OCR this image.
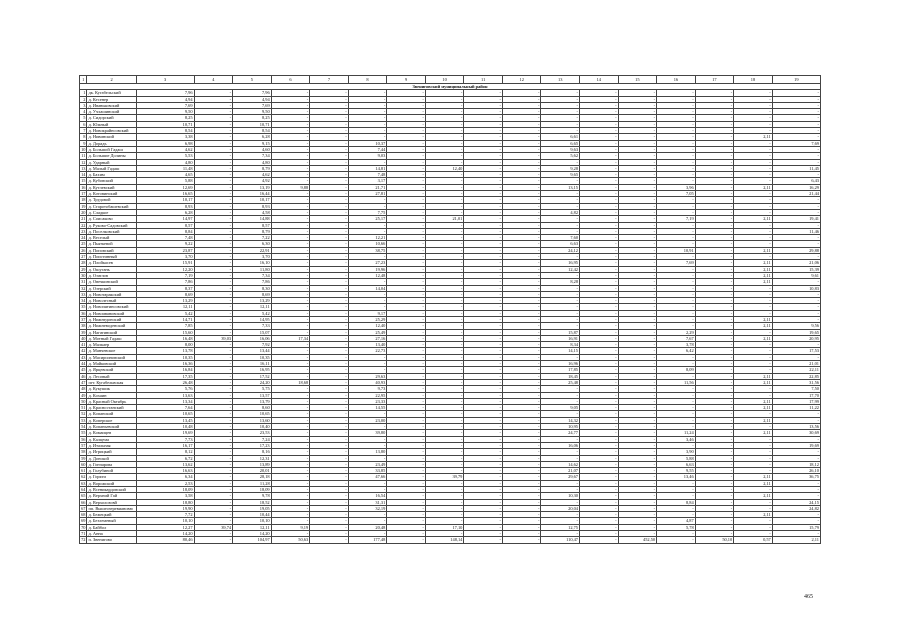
1	2	3	4	5	6	7	8	9	10	11	12	13	14	15	16	17	18	19
Звениговский муниципальный район																		
1	дк. Кугабельский	7,96	-	7,96	-	-	-	-	-	-	-	-	-	-	-	-	-	-
2	д. Кесенер	4,94	-	4,94	-	-	-	-	-	-	-	-	-	-	-	-	-	-
3	д. Иваньковский	7,69	-	7,69	-	-	-	-	-	-	-	-	-	-	-	-	-	-
4	д. Учхашинский	9,50	-	9,50	-	-	-	-	-	-	-	-	-	-	-	-	-	-
5	д. Сидорский	8,25	-	8,25	-	-	-	-	-	-	-	-	-	-	-	-	-	-
6	д. Южный	10,71	-	10,71	-	-	-	-	-	-	-	-	-	-	-	-	-	-
7	д. Новокрайнсовский	8,54	-	8,54	-	-	-	-	-	-	-	-	-	-	-	-	-	-
8	д. Нивинский	3,38	-	6,28	-	-	-	-	-	-	-	6,61	-	-	-	-	2,11	-
9	д. Дорадь	6,98	-	9,15	-	-	10,37	-	-	-	-	6,65	-	-	-	-	-	7,69
10	д. Большой Гадаш	4,62	-	4,60	-	-	7,44	-	-	-	-	9,63	-	-	-	-	-	-
11	д. Большие Долины	5,53	-	7,34	-	-	9,03	-	-	-	-	5,62	-	-	-	-	-	-
12	д. Ударный	4,80	-	4,80	-	-	-	-	-	-	-	-	-	-	-	-	-	-
13	д. Малый Гадаш	11,48	-	8,79	-	-	14,81	-	12,40	-	-	9,28	-	-	-	-	-	11,45
14	д. Бахим	4,65	-	4,62	-	-	7,48	-	-	-	-	9,65	-	-	-	-	-	-
15	д. Кубовский	5,88	-	4,92	-	-	3,17	-	-	-	-	-	-	-	-	-	-	6,43
16	д. Кутлевский	12,69	-	13,19	9,88	-	21,71	-	-	-	-	13,15	-	-	3,96	-	2,11	16,29
17	д. Котовинский	16,65	-	16,44	-	-	27,81	-	-	-	-	-	-	-	7,05	-	-	21,44
18	д. Трудовой	10,17	-	10,17	-	-	-	-	-	-	-	-	-	-	-	-	-	-
19	д. Старотобашевский	8,93	-	8,93	-	-	-	-	-	-	-	-	-	-	-	-	-	-
20	д. Сладкое	6,28	-	4,58	-	-	7,75	-	-	-	-	4,82	-	-	-	-	-	-
21	д. Соисаково	14,97	-	14,88	-	-	25,17	-	21,01	-	-	-	-	-	7,19	-	2,11	19,41
22	д. Руково-Садовский	8,57	-	8,57	-	-	-	-	-	-	-	-	-	-	-	-	-	-
23	д. Поселковский	8,84	-	8,79	-	-	-	-	-	-	-	-	-	-	-	-	-	11,46
24	д. Веселый	7,48	-	7,22	-	-	12,21	-	-	-	-	7,60	-	-	-	-	-	-
25	д. Пьяткевой	9,22	-	6,30	-	-	10,66	-	-	-	-	6,63	-	-	-	-	-	-
26	д. Поповский	23,87	-	22,91	-	-	38,75	-	-	-	-	24,12	-	-	10,91	-	2,11	29,88
27	д. Поистинный	3,70	-	3,70	-	-	-	-	-	-	-	-	-	-	-	-	-	-
28	д. Плойкасев	15,91	-	16,10	-	-	27,23	-	-	-	-	16,95	-	-	7,69	-	2,11	21,06
29	д. Ошугань	12,20	-	11,80	-	-	19,96	-	-	-	-	12,42	-	-	-	-	2,11	15,39
30	д. Озатлов	7,19	-	7,34	-	-	12,48	-	-	-	-	-	-	-	-	-	2,11	9,61
31	д. Овечкинский	7,86	-	7,86	-	-	-	-	-	-	-	8,28	-	-	-	-	2,11	-
32	д. Озерский	8,37	-	8,30	-	-	14,04	-	-	-	-	-	-	-	-	-	-	10,83
33	д. Новотаракский	8,69	-	8,69	-	-	-	-	-	-	-	-	-	-	-	-	-	-
34	д. Новолесный	13,29	-	13,29	-	-	-	-	-	-	-	-	-	-	-	-	-	-
35	д. Новопятинсовский	12,11	-	12,11	-	-	-	-	-	-	-	-	-	-	-	-	-	-
36	д. Новоивановский	5,42	-	5,42	-	-	9,17	-	-	-	-	-	-	-	-	-	-	-
37	д. Нижнедонский	14,71	-	14,95	-	-	25,29	-	-	-	-	-	-	-	-	-	2,11	-
38	д. Нижневоденский	7,85	-	7,33	-	-	12,40	-	-	-	-	-	-	-	-	-	2,11	9,56
39	д. Нагатинский	15,60	-	15,07	-	-	25,49	-	-	-	-	15,87	-	-	2,29	-	-	19,65
40	д. Мотный Гадаш	16,48	39,03	16,06	17,34	-	27,16	-	-	-	-	16,91	-	-	7,67	-	2,11	20,95
41	д. Малкаер	8,00	-	7,92	-	-	13,40	-	-	-	-	8,34	-	-	3,78	-	-	-
42	д. Манчевское	13,78	-	13,44	-	-	22,73	-	-	-	-	14,15	-	-	6,42	-	-	17,53
43	д. Масирсиновский	10,35	-	10,35	-	-	-	-	-	-	-	-	-	-	-	-	-	-
44	д. Майковский	16,36	-	16,11	-	-	-	-	-	-	-	16,96	-	-	-	-	-	21,01
45	д. Ярцевский	16,84	-	16,95	-	-	-	-	-	-	-	17,85	-	-	8,09	-	-	22,11
46	д. Лесовый	17,35	-	17,52	-	-	29,63	-	-	-	-	18,45	-	-	-	-	2,11	22,85
47	пгт. Кугабельвская	26,48	-	24,20	18,68	-	40,93	-	-	-	-	25,48	-	-	11,56	-	2,11	31,56
48	д. Кукушик	5,76	-	5,75	-	-	9,73	-	-	-	-	-	-	-	-	-	-	7,50
49	д. Кохаин	13,63	-	13,57	-	-	22,95	-	-	-	-	-	-	-	-	-	-	17,70
50	д. Красный Октябрь	13,34	-	13,79	-	-	23,33	-	-	-	-	-	-	-	-	-	2,11	17,99
51	д. Красностанский	7,64	-	8,60	-	-	14,55	-	-	-	-	9,05	-	-	-	-	2,11	11,22
52	д. Копанский	10,65	-	10,65	-	-	-	-	-	-	-	-	-	-	-	-	-	-
53	д. Коперское	13,45	-	13,60	-	-	23,00	-	-	-	-	14,32	-	-	-	-	2,11	-
54	д. Копаньевский	10,48	-	10,40	-	-	-	-	-	-	-	10,95	-	-	-	-	-	13,56
55	д. Комаицев	19,69	-	23,53	-	-	39,80	-	-	-	-	24,77	-	-	11,24	-	2,11	30,69
56	д. Калцема	7,73	-	7,24	-	-	-	-	-	-	-	-	-	-	3,46	-	-	-
57	д. Итальная	16,17	-	17,23	-	-	-	-	-	-	-	16,06	-	-	-	-	-	19,69
58	д. Игрицкий	8,12	-	8,16	-	-	13,80	-	-	-	-	-	-	-	3,90	-	-	-
59	д. Донской	6,72	-	12,31	-	-	-	-	-	-	-	-	-	-	5,88	-	-	-
60	д. Гончарова	13,62	-	13,89	-	-	23,49	-	-	-	-	14,62	-	-	6,63	-	-	18,12
61	д. Голубиной	16,63	-	20,01	-	-	33,85	-	-	-	-	21,07	-	-	9,55	-	-	26,10
62	д. Горкти	6,34	-	28,18	-	-	47,66	-	39,79	-	-	29,67	-	-	13,46	-	2,11	36,75
63	д. Ворожский	2,53	-	11,28	-	-	-	-	-	-	-	-	-	-	-	-	2,11	-
64	д. Всеникардовский	18,09	-	18,09	-	-	-	-	-	-	-	-	-	-	-	-	-	-
65	д. Верхний Гай	3,58	-	9,78	-	-	16,54	-	-	-	-	10,30	-	-	-	-	2,11	-
66	д. Верхолозовй	18,80	-	18,52	-	-	31,31	-	-	-	-	-	-	-	8,84	-	-	24,15
67	пп. Вышеозеревиановю	19,90	-	19,05	-	-	32,19	-	-	-	-	20,04	-	-	-	-	-	24,82
68	д. Бежецкий	7,72	-	10,44	-	-	-	-	-	-	-	-	-	-	-	-	2,11	-
69	д. Безлеменый	10,10	-	10,10	-	-	-	-	-	-	-	-	-	-	4,87	-	-	-
70	д. Байбол	12,27	39,74	12,11	9,19	-	20,48	-	17,10	-	-	12,75	-	-	5,78	-	-	15,79
71	д. Анна	14,20	-	14,20	-	-	-	-	-	-	-	-	-	-	-	-	-	-
72	п. Звенигово	80,46	-	104,97	50,63	-	177,48	-	148,14	-	-	110,47	-	452,50	-	50,10	0,57	2,11
465
